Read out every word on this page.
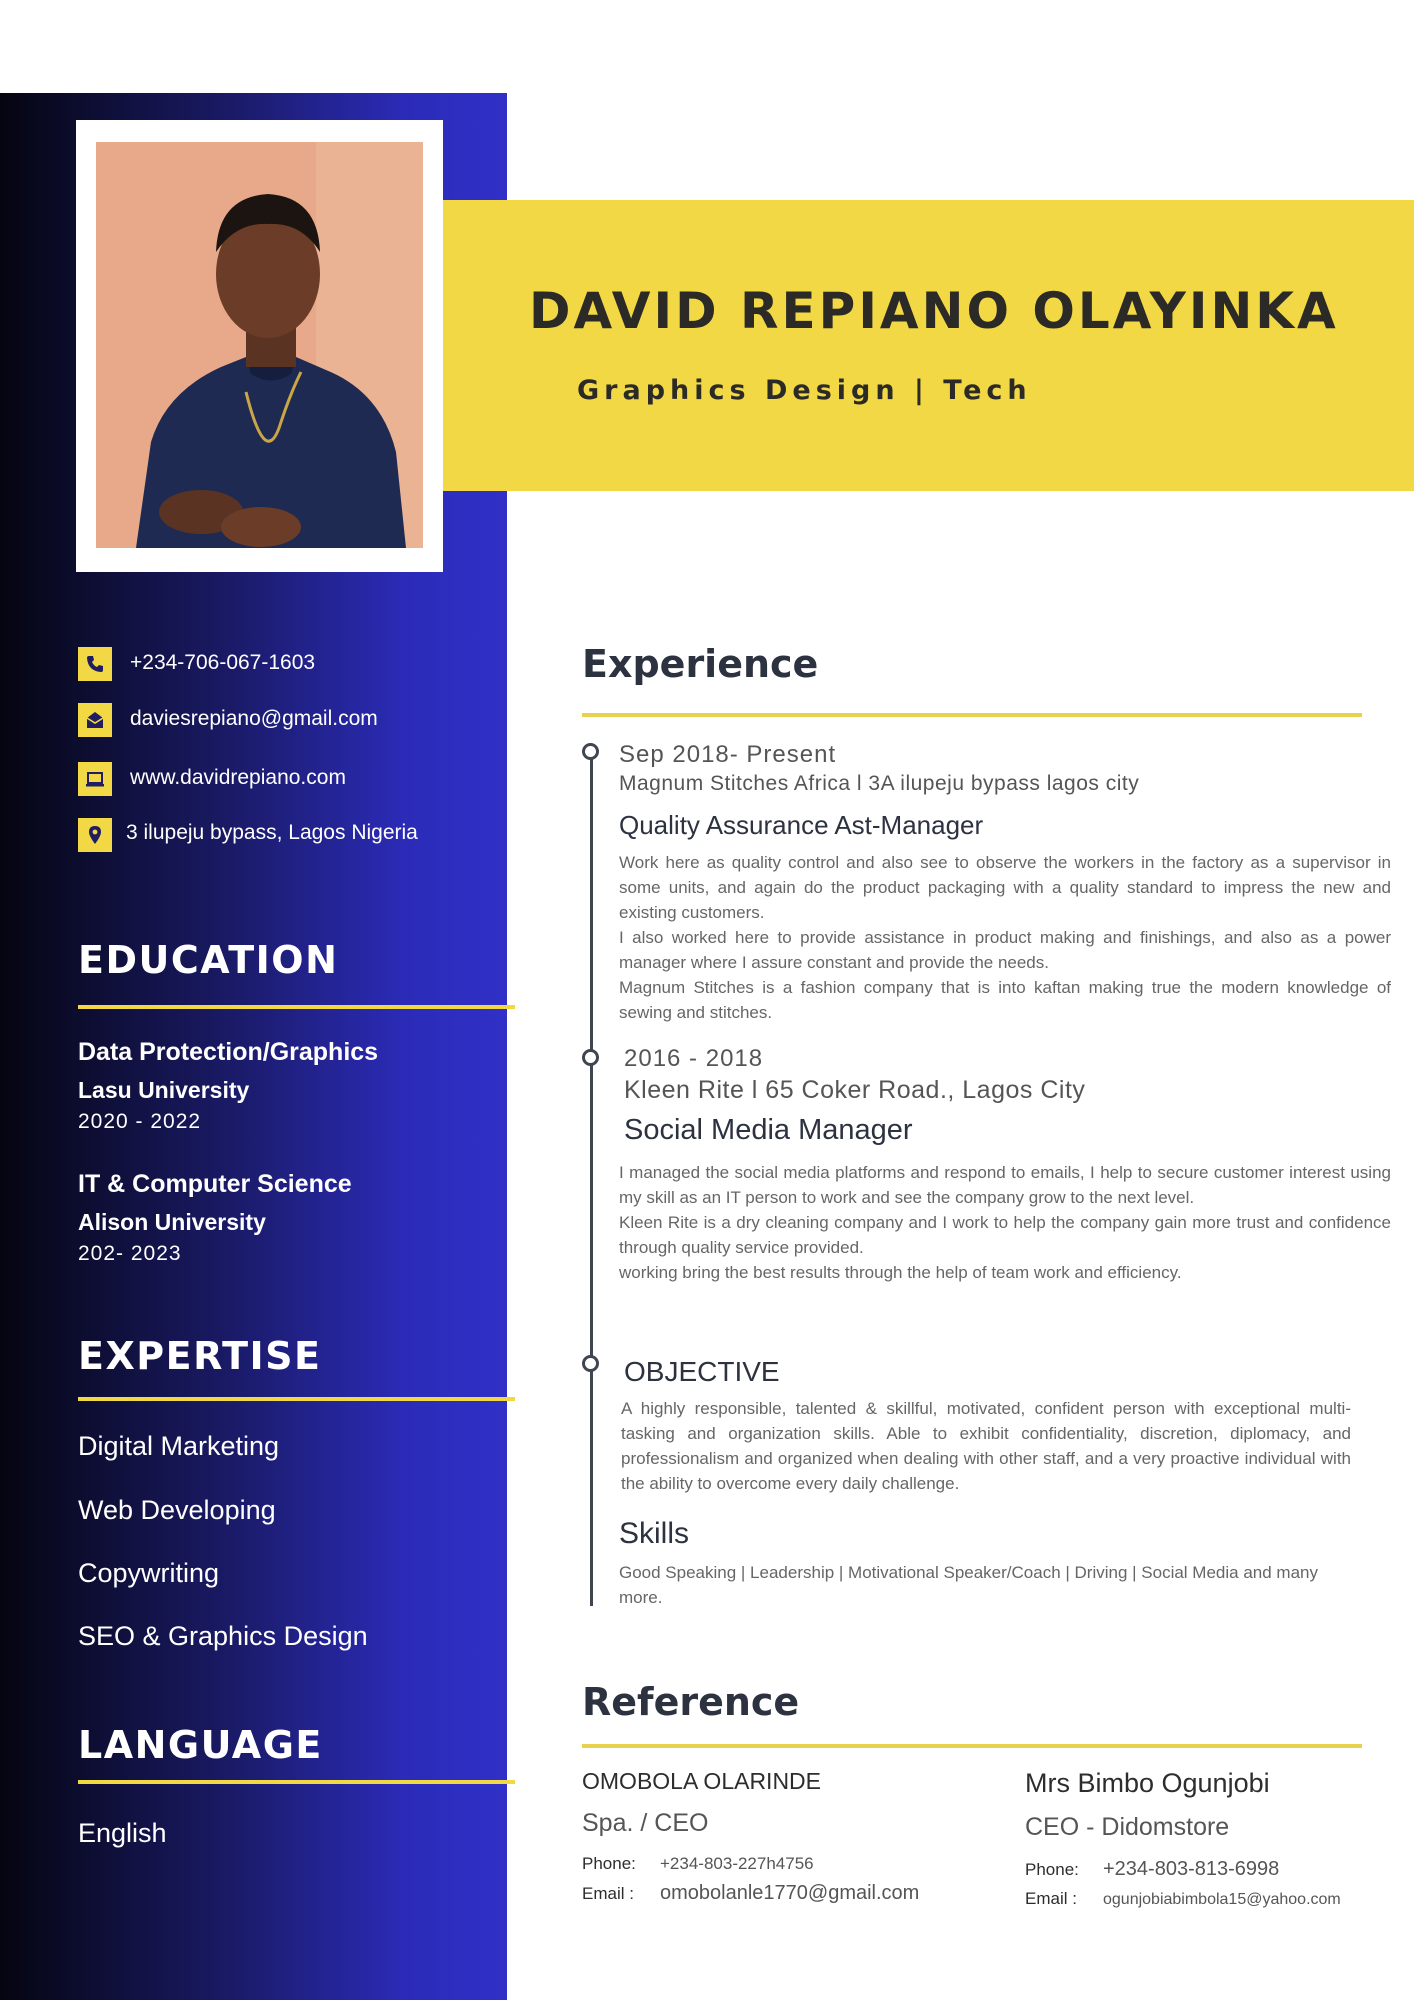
DAVID REPIANO OLAYINKA
Graphics Design | Tech
+234-706-067-1603
daviesrepiano@gmail.com
www.davidrepiano.com
3 ilupeju bypass, Lagos Nigeria
EDUCATION
Data Protection/Graphics
Lasu University
2020 - 2022
IT & Computer Science
Alison University
202- 2023
EXPERTISE
Digital Marketing
Web Developing
Copywriting
SEO & Graphics Design
LANGUAGE
English
Experience
Sep 2018- Present
Magnum Stitches Africa l 3A ilupeju bypass lagos city
Quality Assurance Ast-Manager

Work here as quality control and also see to observe the workers in the factory as a supervisor in some units, and again do the product packaging with a quality standard to impress the new and existing customers.

I also worked here to provide assistance in product making and finishings, and also as a power manager where I assure constant and provide the needs.

Magnum Stitches is a fashion company that is into kaftan making true the modern knowledge of sewing and stitches.

2016 - 2018
Kleen Rite l 65 Coker Road., Lagos City
Social Media Manager

I managed the social media platforms and respond to emails, I help to secure customer interest using my skill as an IT person to work and see the company grow to the next level.

Kleen Rite is a dry cleaning company and I work to help the company gain more trust and confidence through quality service provided.

working bring the best results through the help of team work and efficiency.

OBJECTIVE
A highly responsible, talented & skillful, motivated, confident person with exceptional multi-tasking and organization skills. Able to exhibit confidentiality, discretion, diplomacy, and professionalism and organized when dealing with other staff, and a very proactive individual with the ability to overcome every daily challenge.
Skills
Good Speaking | Leadership | Motivational Speaker/Coach | Driving | Social Media and many more.
Reference
OMOBOLA OLARINDE
Spa. / CEO
Phone:	+234-803-227h4756
Email :	omobolanle1770@gmail.com
Mrs Bimbo Ogunjobi
CEO - Didomstore
Phone:	+234-803-813-6998
Email :	ogunjobiabimbola15@yahoo.com
